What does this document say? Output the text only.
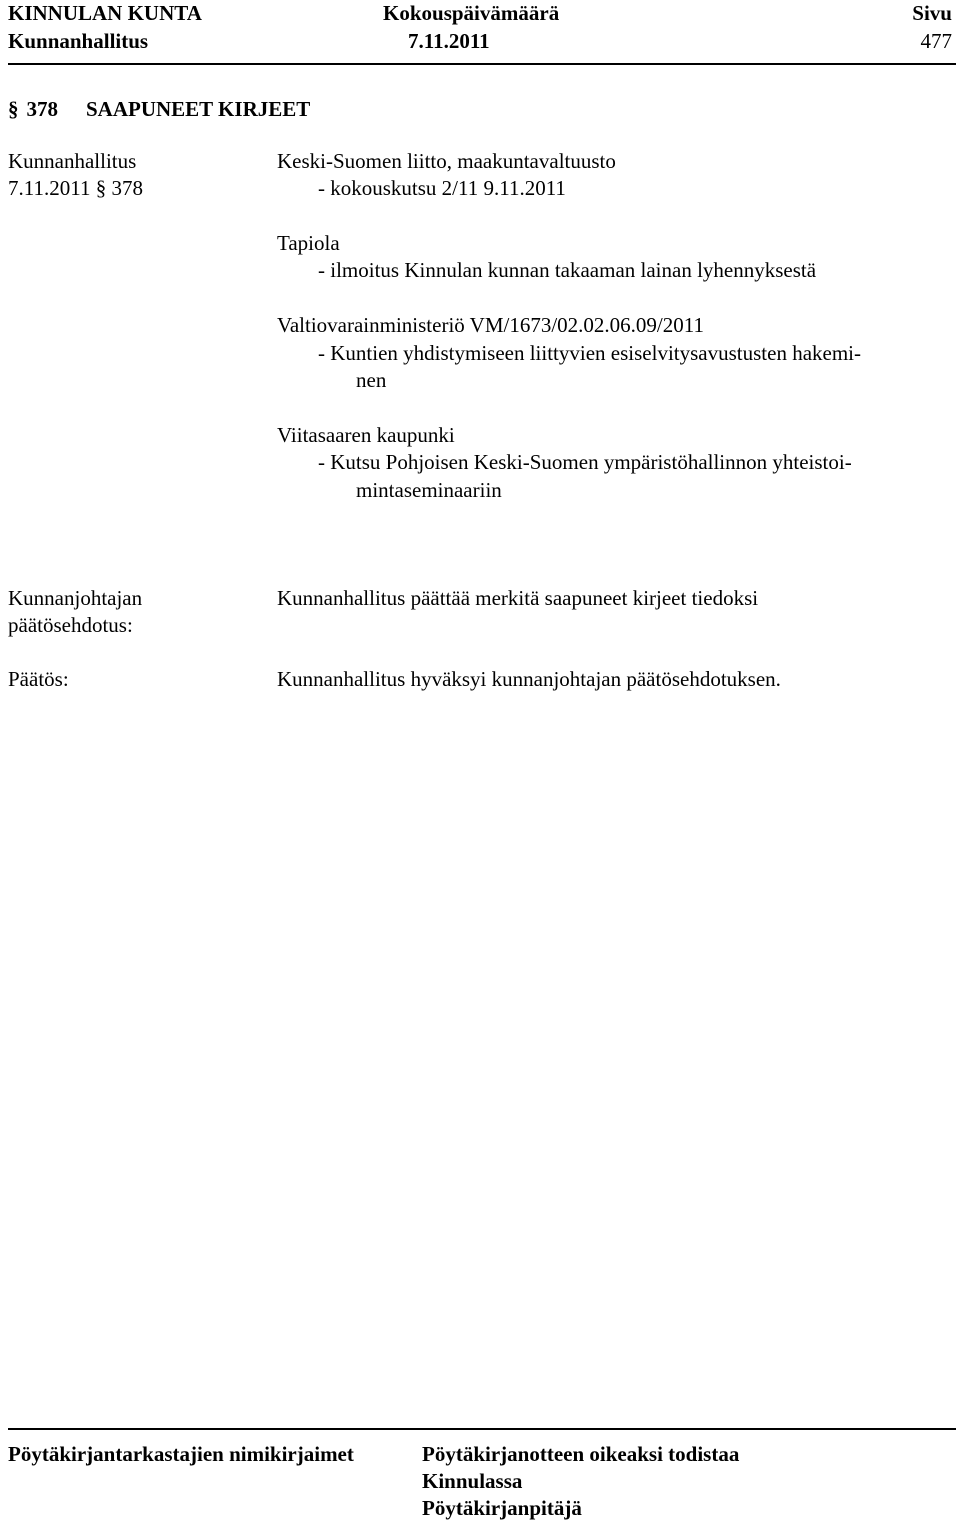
KINNULAN KUNTA
Kunnanhallitus
Kokouspäivämäärä
7.11.2011
Sivu
477
§ 378 SAAPUNEET KIRJEET
Kunnanhallitus
7.11.2011 § 378
Keski-Suomen liitto, maakuntavaltuusto
- kokouskutsu 2/11 9.11.2011
Tapiola
- ilmoitus Kinnulan kunnan takaaman lainan lyhennyksestä
Valtiovarainministeriö VM/1673/02.02.06.09/2011
- Kuntien yhdistymiseen liittyvien esiselvitysavustusten hakemi-
nen
Viitasaaren kaupunki
- Kutsu Pohjoisen Keski-Suomen ympäristöhallinnon yhteistoi-
mintaseminaariin
Kunnanjohtajan
päätösehdotus:
Kunnanhallitus päättää merkitä saapuneet kirjeet tiedoksi
Päätös:	Kunnanhallitus hyväksyi kunnanjohtajan päätösehdotuksen.
Pöytäkirjantarkastajien nimikirjaimet	Pöytäkirjanotteen oikeaksi todistaa
Kinnulassa
Pöytäkirjanpitäjä
